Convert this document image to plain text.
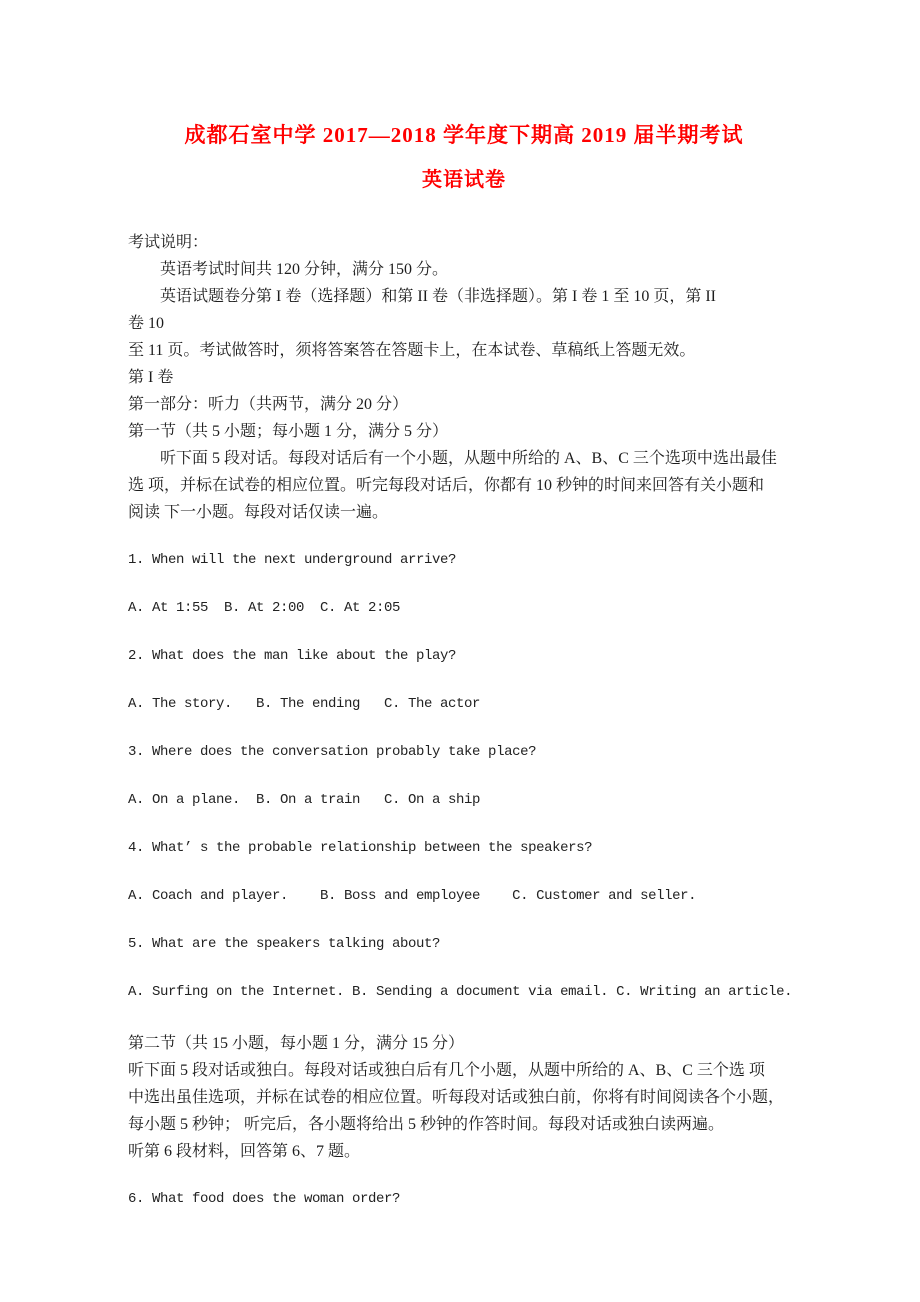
成都石室中学 2017—2018 学年度下期高 2019 届半期考试
英语试卷
考试说明：
英语考试时间共 120 分钟，满分 150 分。
英语试题卷分第 I 卷（选择题）和第 II 卷（非选择题）。第 I 卷 1 至 10 页，第 II
卷 10
至 11 页。考试做答时，须将答案答在答题卡上，在本试卷、草稿纸上答题无效。
第 I 卷
第一部分：听力（共两节，满分 20 分）
第一节（共 5 小题；每小题 1 分，满分 5 分）
听下面 5 段对话。每段对话后有一个小题，从题中所给的 A、B、C 三个选项中选出最佳
选 项，并标在试卷的相应位置。听完每段对话后，你都有 10 秒钟的时间来回答有关小题和
阅读 下一小题。每段对话仅读一遍。
1. When will the next underground arrive?
A. At 1:55  B. At 2:00  C. At 2:05
2. What does the man like about the play?
A. The story.   B. The ending   C. The actor
3. Where does the conversation probably take place?
A. On a plane.  B. On a train   C. On a ship
4. What’ s the probable relationship between the speakers?
A. Coach and player.    B. Boss and employee    C. Customer and seller.
5. What are the speakers talking about?
A. Surfing on the Internet. B. Sending a document via email. C. Writing an article.
第二节（共 15 小题，每小题 1 分，满分 15 分）
听下面 5 段对话或独白。每段对话或独白后有几个小题，从题中所给的 A、B、C 三个选 项
中选出虽佳选项，并标在试卷的相应位置。听每段对话或独白前，你将有时间阅读各个小题，
每小题 5 秒钟； 听完后，各小题将给出 5 秒钟的作答时间。每段对话或独白读两遍。
听第 6 段材料，回答第 6、7 题。
6. What food does the woman order?
